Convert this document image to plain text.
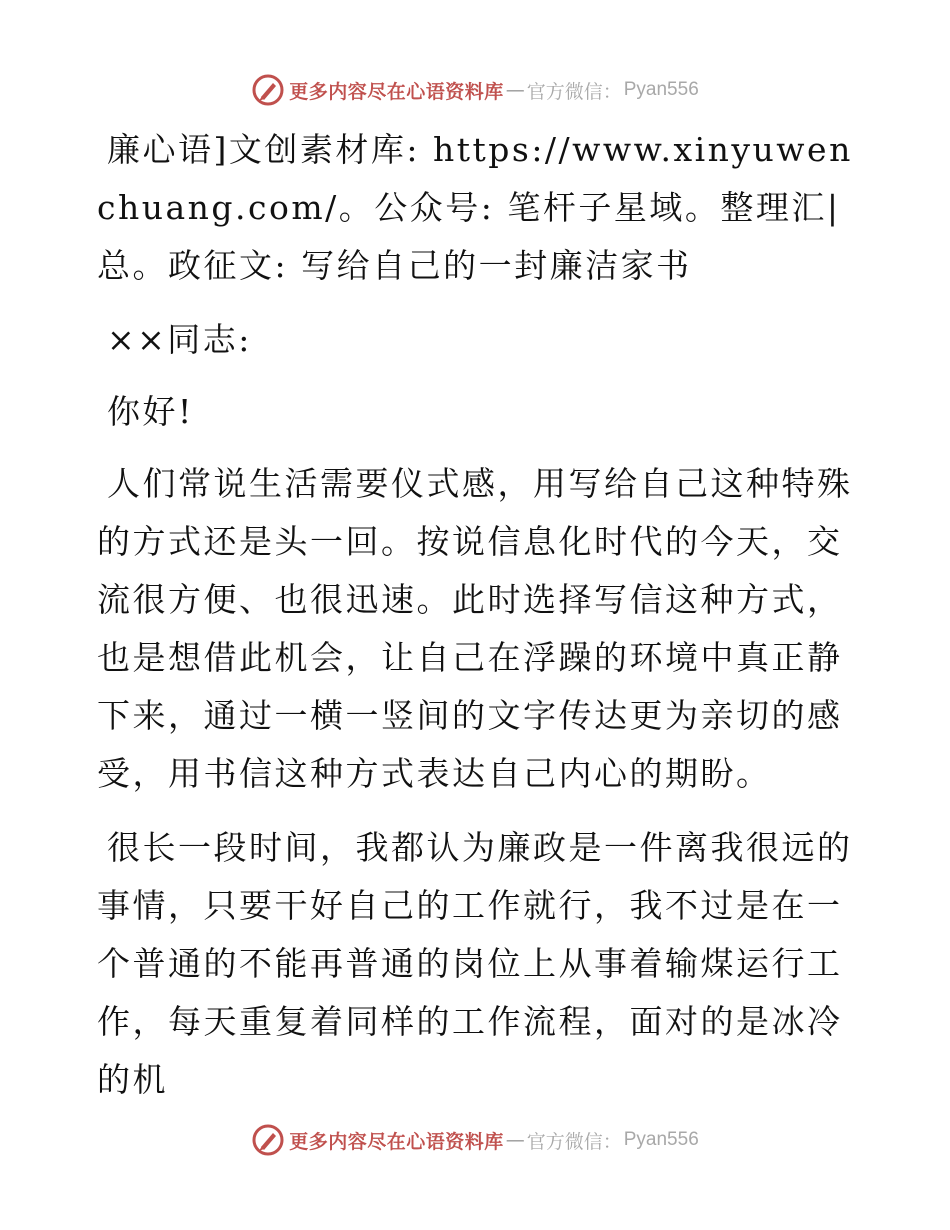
更多内容尽在心语资料库 — 官方微信： Pyan556

廉心语]文创素材库: https://www.xinyuwenchuang.com/。公众号: 笔杆子星域。整理汇|总。政征文: 写给自己的一封廉洁家书

××同志:

你好!

人们常说生活需要仪式感，用写给自己这种特殊的方式还是头一回。按说信息化时代的今天，交流很方便、也很迅速。此时选择写信这种方式，也是想借此机会，让自己在浮躁的环境中真正静下来，通过一横一竖间的文字传达更为亲切的感受，用书信这种方式表达自己内心的期盼。

很长一段时间，我都认为廉政是一件离我很远的事情，只要干好自己的工作就行，我不过是在一个普通的不能再普通的岗位上从事着输煤运行工作，每天重复着同样的工作流程，面对的是冰冷的机

更多内容尽在心语资料库 — 官方微信： Pyan556
